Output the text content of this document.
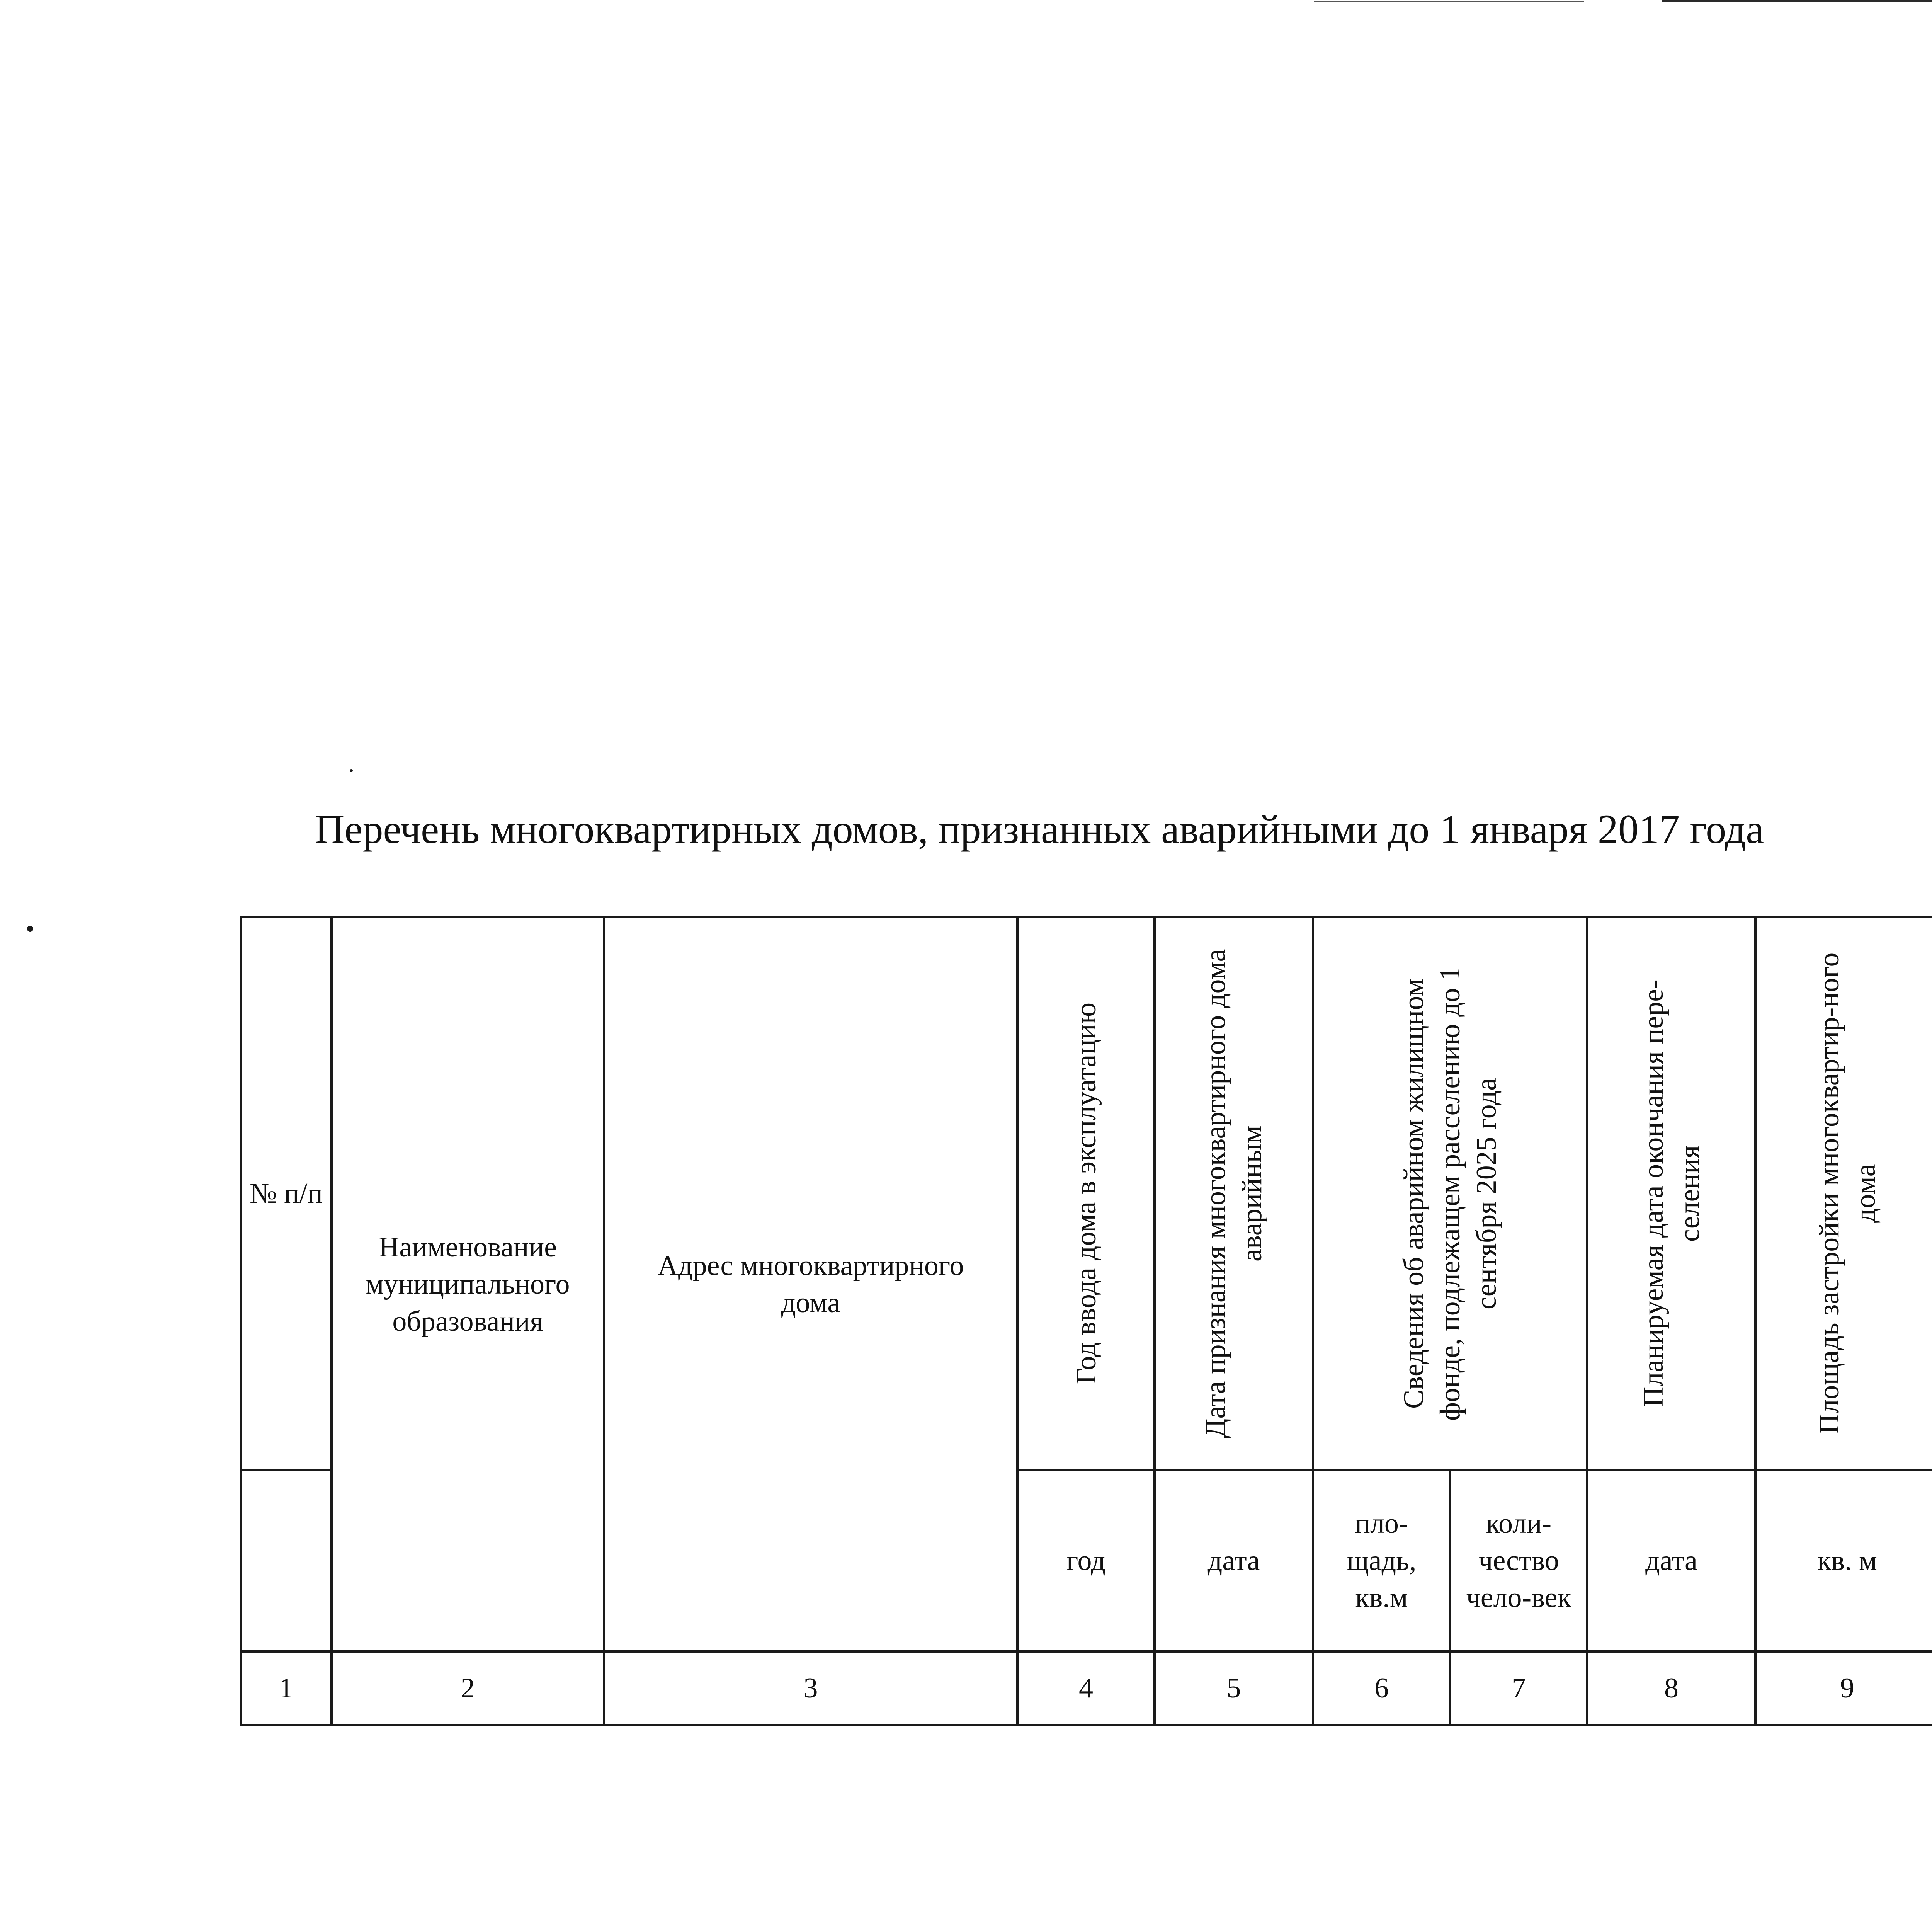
Перечень многоквартирных домов, признанных аварийными до 1 января 2017 года
№ п/п	Наименование муниципального образования	Адрес многоквартирного дома	Год ввода дома в эксплуатацию	Дата признания многоквартирного дома аварийным	Сведения об аварийном жилищном фонде, подлежащем расселению до 1 сентября 2025 года		Планируемая дата окончания пере-селения	Площадь застройки многоквартир-ного дома

			год	дата	пло-щадь, кв.м	коли-чество чело-век	дата	кв. м			
1	2	3	4	5	6	7	8	9			
